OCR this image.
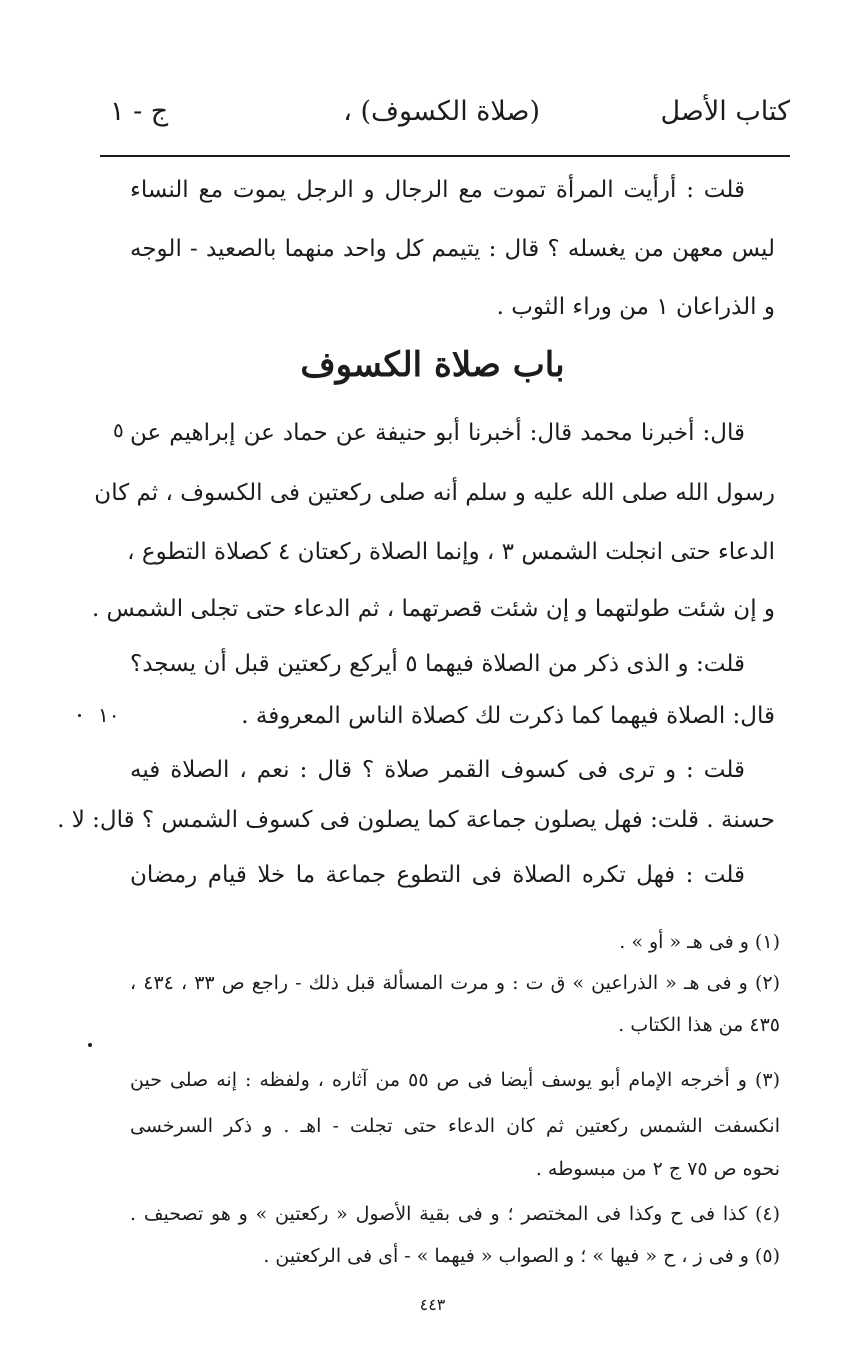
كتاب الأصل
(صلاة الكسوف) ،
ج - ١
قلت : أرأيت المرأة تموت مع الرجال و الرجل يموت مع النساء
ليس معهن من يغسله ؟ قال : يتيمم كل واحد منهما بالصعيد - الوجه
و الذراعان ١ من وراء الثوب .
باب صلاة الكسوف
قال: أخبرنا محمد قال: أخبرنا أبو حنيفة عن حماد عن إبراهيم عن
رسول الله صلى الله عليه و سلم أنه صلى ركعتين فى الكسوف ، ثم كان
الدعاء حتى انجلت الشمس ٣ ، وإنما الصلاة ركعتان ٤ كصلاة التطوع ،
و إن شئت طولتهما و إن شئت قصرتهما ، ثم الدعاء حتى تجلى الشمس .
قلت: و الذى ذكر من الصلاة فيهما ٥ أيركع ركعتين قبل أن يسجد؟
قال: الصلاة فيهما كما ذكرت لك كصلاة الناس المعروفة .
قلت : و ترى فى كسوف القمر صلاة ؟ قال : نعم ، الصلاة فيه
حسنة . قلت: فهل يصلون جماعة كما يصلون فى كسوف الشمس ؟ قال: لا .
قلت : فهل تكره الصلاة فى التطوع جماعة ما خلا قيام رمضان
٥
١٠
(١) و فى هـ « أو » .
(٢) و فى هـ « الذراعين » ق ت : و مرت المسألة قبل ذلك - راجع ص ٣٣ ، ٤٣٤ ،
٤٣٥ من هذا الكتاب .
(٣) و أخرجه الإمام أبو يوسف أيضا فى ص ٥٥ من آثاره ، ولفظه : إنه صلى حين
انكسفت الشمس ركعتين ثم كان الدعاء حتى تجلت - اهـ . و ذكر السرخسى
نحوه ص ٧٥ ج ٢ من مبسوطه .
(٤) كذا فى ح وكذا فى المختصر ؛ و فى بقية الأصول « ركعتين » و هو تصحيف .
(٥) و فى ز ، ح « فيها » ؛ و الصواب « فيهما » - أى فى الركعتين .
٤٤٣
